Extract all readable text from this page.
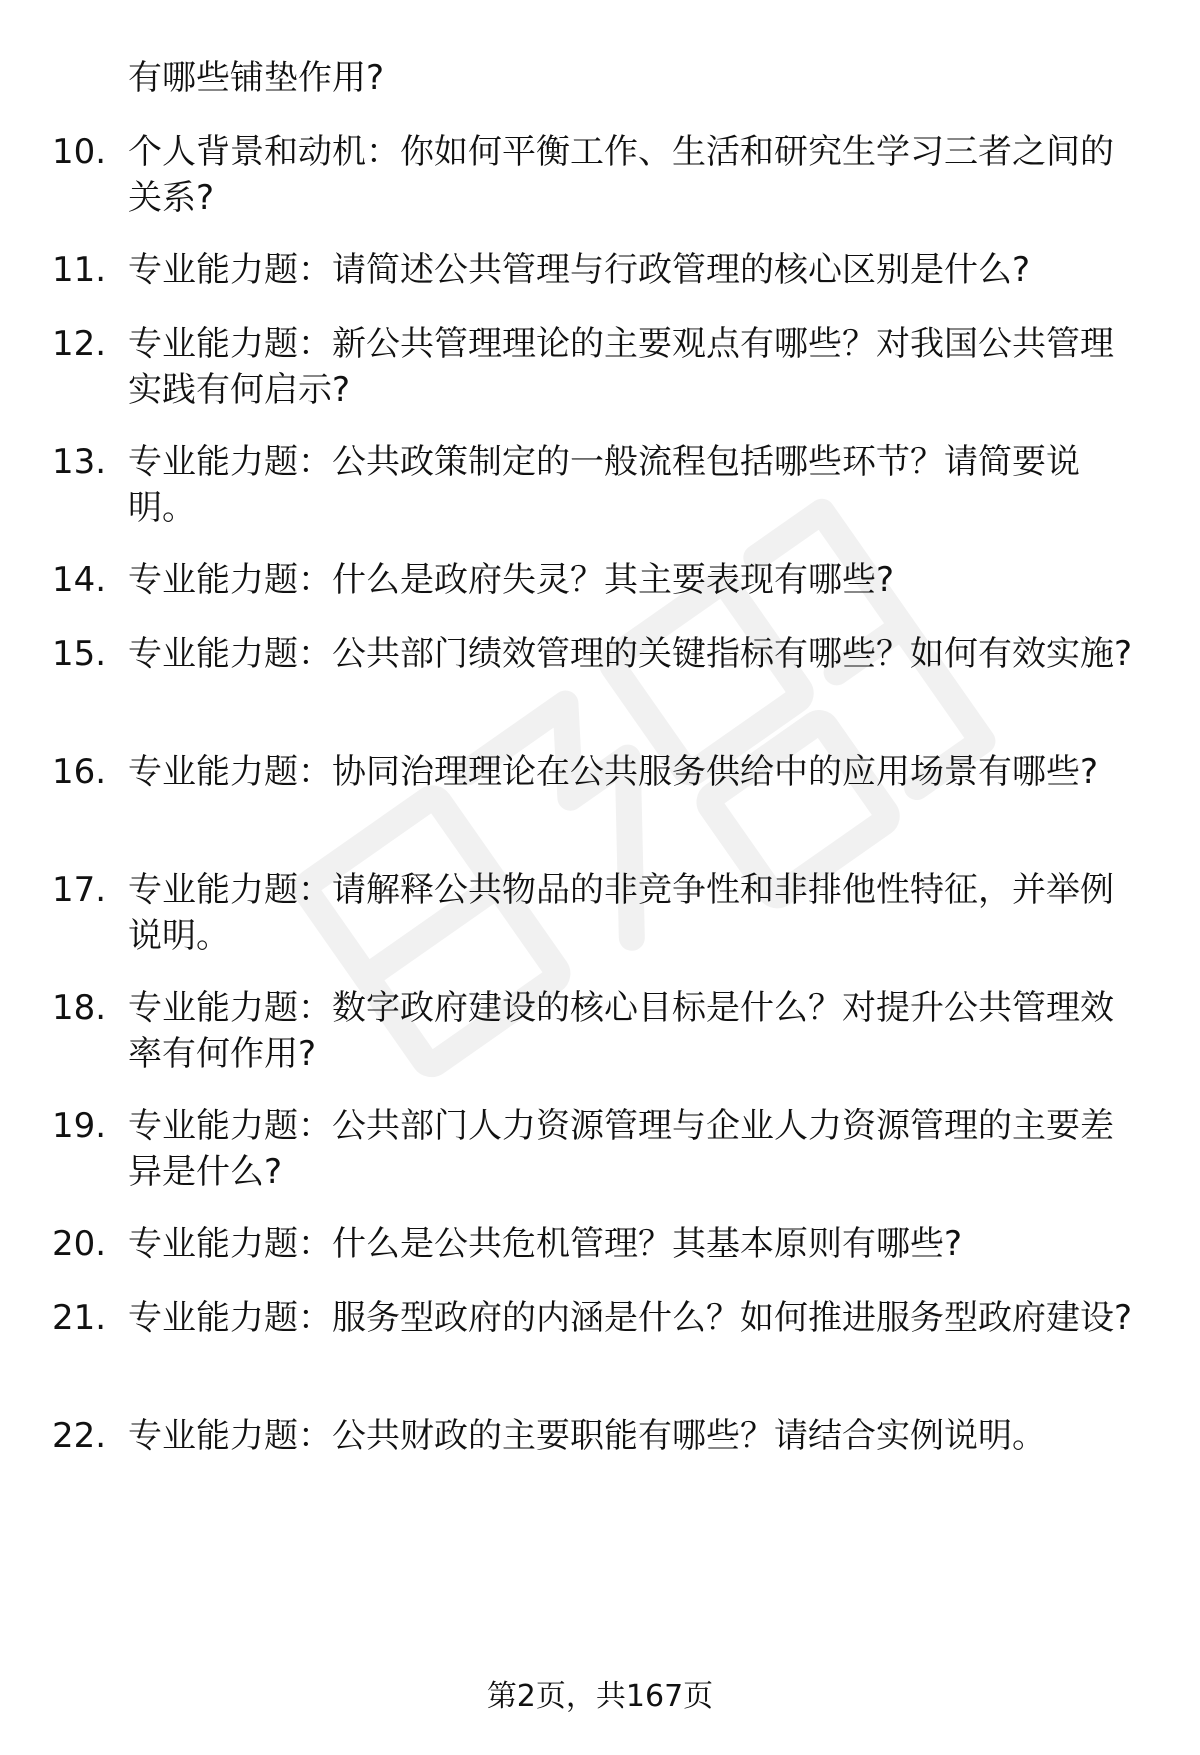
有哪些铺垫作用?
10. 个人背景和动机：你如何平衡工作、生活和研究生学习三者之间的关系?
11. 专业能力题：请简述公共管理与行政管理的核心区别是什么?
12. 专业能力题：新公共管理理论的主要观点有哪些？对我国公共管理实践有何启示?
13. 专业能力题：公共政策制定的一般流程包括哪些环节？请简要说明。
14. 专业能力题：什么是政府失灵？其主要表现有哪些?
15. 专业能力题：公共部门绩效管理的关键指标有哪些？如何有效实施?
16. 专业能力题：协同治理理论在公共服务供给中的应用场景有哪些?
17. 专业能力题：请解释公共物品的非竞争性和非排他性特征，并举例说明。
18. 专业能力题：数字政府建设的核心目标是什么？对提升公共管理效率有何作用?
19. 专业能力题：公共部门人力资源管理与企业人力资源管理的主要差异是什么?
20. 专业能力题：什么是公共危机管理？其基本原则有哪些?
21. 专业能力题：服务型政府的内涵是什么？如何推进服务型政府建设?
22. 专业能力题：公共财政的主要职能有哪些？请结合实例说明。
第2页，共167页
